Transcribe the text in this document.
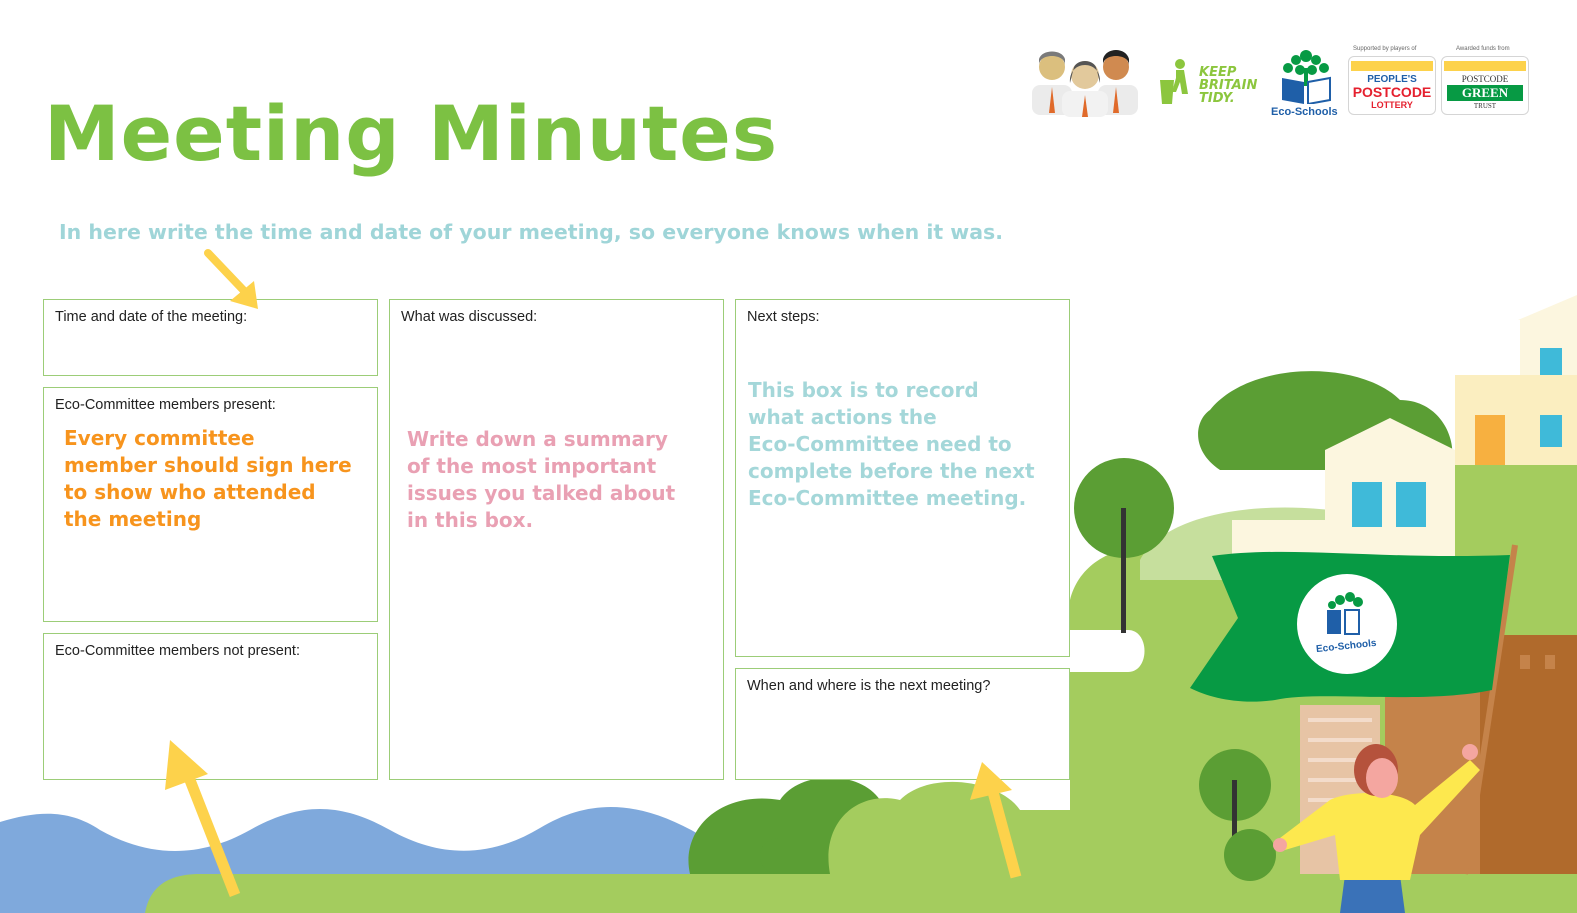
Meeting Minutes
In here write the time and date of your meeting, so everyone knows when it was.
Time and date of the meeting:
Eco-Committee members present:
Every committee
member should sign here
to show who attended
the meeting
Eco-Committee members not present:
What was discussed:
Write down a summary
of the most important
issues you talked about
in this box.
Next steps:
This box is to record
what actions the
Eco-Committee need to
complete before the next
Eco-Committee meeting.
When and where is the next meeting?
KEEP
BRITAIN
TIDY.
Eco-Schools
Supported by players of
PEOPLE'S
POSTCODE
LOTTERY
Awarded funds from
POSTCODE
GREEN
TRUST
Eco-Schools
